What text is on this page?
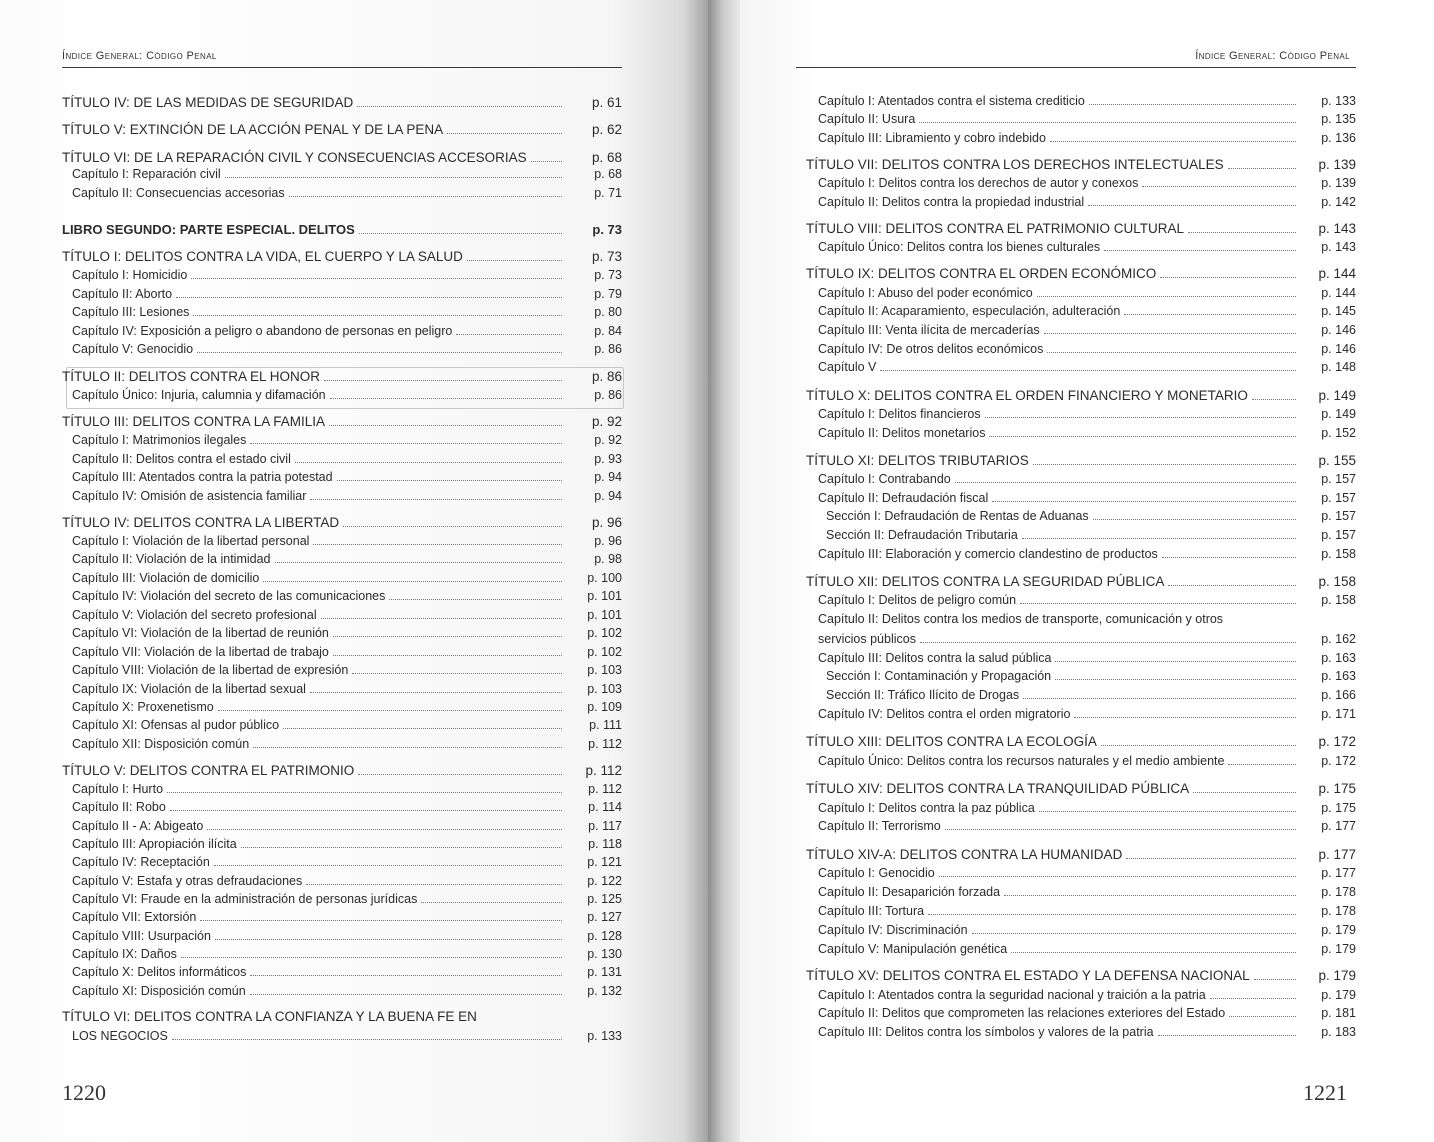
Índice General: Código Penal	Índice General: Código Penal
TÍTULO IV: DE LAS MEDIDAS DE SEGURIDAD	p. 61
TÍTULO V: EXTINCIÓN DE LA ACCIÓN PENAL Y DE LA PENA	p. 62
TÍTULO VI: DE LA REPARACIÓN CIVIL Y CONSECUENCIAS ACCESORIAS	p. 68
Capítulo I: Reparación civil	p. 68
Capítulo II: Consecuencias accesorias	p. 71
LIBRO SEGUNDO: PARTE ESPECIAL. DELITOS	p. 73
TÍTULO I: DELITOS CONTRA LA VIDA, EL CUERPO Y LA SALUD	p. 73
Capítulo I: Homicidio	p. 73
Capítulo II: Aborto	p. 79
Capítulo III: Lesiones	p. 80
Capítulo IV: Exposición a peligro o abandono de personas en peligro	p. 84
Capítulo V: Genocidio	p. 86
TÍTULO II: DELITOS CONTRA EL HONOR	p. 86
Capítulo Único: Injuria, calumnia y difamación	p. 86
TÍTULO III: DELITOS CONTRA LA FAMILIA	p. 92
Capítulo I: Matrimonios ilegales	p. 92
Capítulo II: Delitos contra el estado civil	p. 93
Capítulo III: Atentados contra la patria potestad	p. 94
Capítulo IV: Omisión de asistencia familiar	p. 94
TÍTULO IV: DELITOS CONTRA LA LIBERTAD	p. 96
Capítulo I: Violación de la libertad personal	p. 96
Capítulo II: Violación de la intimidad	p. 98
Capítulo III: Violación de domicilio	p. 100
Capítulo IV: Violación del secreto de las comunicaciones	p. 101
Capítulo V: Violación del secreto profesional	p. 101
Capítulo VI: Violación de la libertad de reunión	p. 102
Capítulo VII: Violación de la libertad de trabajo	p. 102
Capítulo VIII: Violación de la libertad de expresión	p. 103
Capítulo IX: Violación de la libertad sexual	p. 103
Capítulo X: Proxenetismo	p. 109
Capítulo XI: Ofensas al pudor público	p. 111
Capítulo XII: Disposición común	p. 112
TÍTULO V: DELITOS CONTRA EL PATRIMONIO	p. 112
Capítulo I: Hurto	p. 112
Capítulo II: Robo	p. 114
Capítulo II - A: Abigeato	p. 117
Capítulo III: Apropiación ilícita	p. 118
Capítulo IV: Receptación	p. 121
Capítulo V: Estafa y otras defraudaciones	p. 122
Capítulo VI: Fraude en la administración de personas jurídicas	p. 125
Capítulo VII: Extorsión	p. 127
Capítulo VIII: Usurpación	p. 128
Capítulo IX: Daños	p. 130
Capítulo X: Delitos informáticos	p. 131
Capítulo XI: Disposición común	p. 132
TÍTULO VI: DELITOS CONTRA LA CONFIANZA Y LA BUENA FE EN
LOS NEGOCIOS	p. 133
Capítulo I: Atentados contra el sistema crediticio	p. 133
Capítulo II: Usura	p. 135
Capítulo III: Libramiento y cobro indebido	p. 136
TÍTULO VII: DELITOS CONTRA LOS DERECHOS INTELECTUALES	p. 139
Capítulo I: Delitos contra los derechos de autor y conexos	p. 139
Capítulo II: Delitos contra la propiedad industrial	p. 142
TÍTULO VIII: DELITOS CONTRA EL PATRIMONIO CULTURAL	p. 143
Capítulo Único: Delitos contra los bienes culturales	p. 143
TÍTULO IX: DELITOS CONTRA EL ORDEN ECONÓMICO	p. 144
Capítulo I: Abuso del poder económico	p. 144
Capítulo II: Acaparamiento, especulación, adulteración	p. 145
Capítulo III: Venta ilícita de mercaderías	p. 146
Capítulo IV: De otros delitos económicos	p. 146
Capítulo V	p. 148
TÍTULO X: DELITOS CONTRA EL ORDEN FINANCIERO Y MONETARIO	p. 149
Capítulo I: Delitos financieros	p. 149
Capítulo II: Delitos monetarios	p. 152
TÍTULO XI: DELITOS TRIBUTARIOS	p. 155
Capítulo I: Contrabando	p. 157
Capítulo II: Defraudación fiscal	p. 157
Sección I: Defraudación de Rentas de Aduanas	p. 157
Sección II: Defraudación Tributaria	p. 157
Capítulo III: Elaboración y comercio clandestino de productos	p. 158
TÍTULO XII: DELITOS CONTRA LA SEGURIDAD PÚBLICA	p. 158
Capítulo I: Delitos de peligro común	p. 158
Capítulo II: Delitos contra los medios de transporte, comunicación y otros
servicios públicos	p. 162
Capítulo III: Delitos contra la salud pública	p. 163
Sección I: Contaminación y Propagación	p. 163
Sección II: Tráfico Ilícito de Drogas	p. 166
Capítulo IV: Delitos contra el orden migratorio	p. 171
TÍTULO XIII: DELITOS CONTRA LA ECOLOGÍA	p. 172
Capítulo Único: Delitos contra los recursos naturales y el medio ambiente	p. 172
TÍTULO XIV: DELITOS CONTRA LA TRANQUILIDAD PÚBLICA	p. 175
Capítulo I: Delitos contra la paz pública	p. 175
Capítulo II: Terrorismo	p. 177
TÍTULO XIV-A: DELITOS CONTRA LA HUMANIDAD	p. 177
Capítulo I: Genocidio	p. 177
Capítulo II: Desaparición forzada	p. 178
Capítulo III: Tortura	p. 178
Capítulo IV: Discriminación	p. 179
Capítulo V: Manipulación genética	p. 179
TÍTULO XV: DELITOS CONTRA EL ESTADO Y LA DEFENSA NACIONAL	p. 179
Capítulo I: Atentados contra la seguridad nacional y traición a la patria	p. 179
Capítulo II: Delitos que comprometen las relaciones exteriores del Estado	p. 181
Capítulo III: Delitos contra los símbolos y valores de la patria	p. 183
1220	1221
